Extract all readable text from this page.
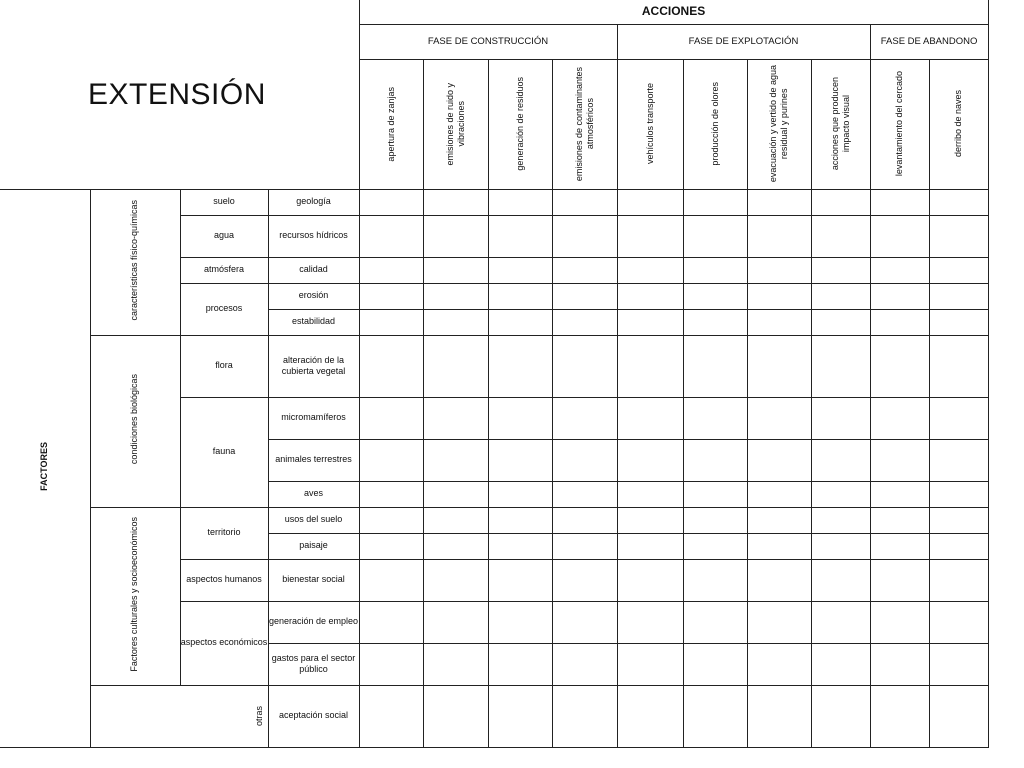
EXTENSIÓN				ACCIONES									
				FASE DE CONSTRUCCIÓN				FASE DE EXPLOTACIÓN				FASE DE ABANDONO	

				apertura de zanjas	emisiones de ruido y
vibraciones	generación de residuos	emisiones de contaminantes
atmosféricos	vehículos transporte	producción de olores	evacuación y vertido de agua
residual y purines	acciones que producen
impacto visual	levantamiento del cercado	derribo de naves

FACTORES	características físico-químicas	suelo	geología										
		agua	recursos hídricos										
		atmósfera	calidad										
		procesos	erosión										
			estabilidad										
	condiciones biológicas	flora	alteración de la cubierta vegetal										
		fauna	micromamíferos										
			animales terrestres										
			aves										
	Factores culturales y socioeconómicos	territorio	usos del suelo										
			paisaje										
		aspectos humanos	bienestar social										
		aspectos económicos	generación de empleo										
			gastos para el sector público										

	otras		aceptación social										
